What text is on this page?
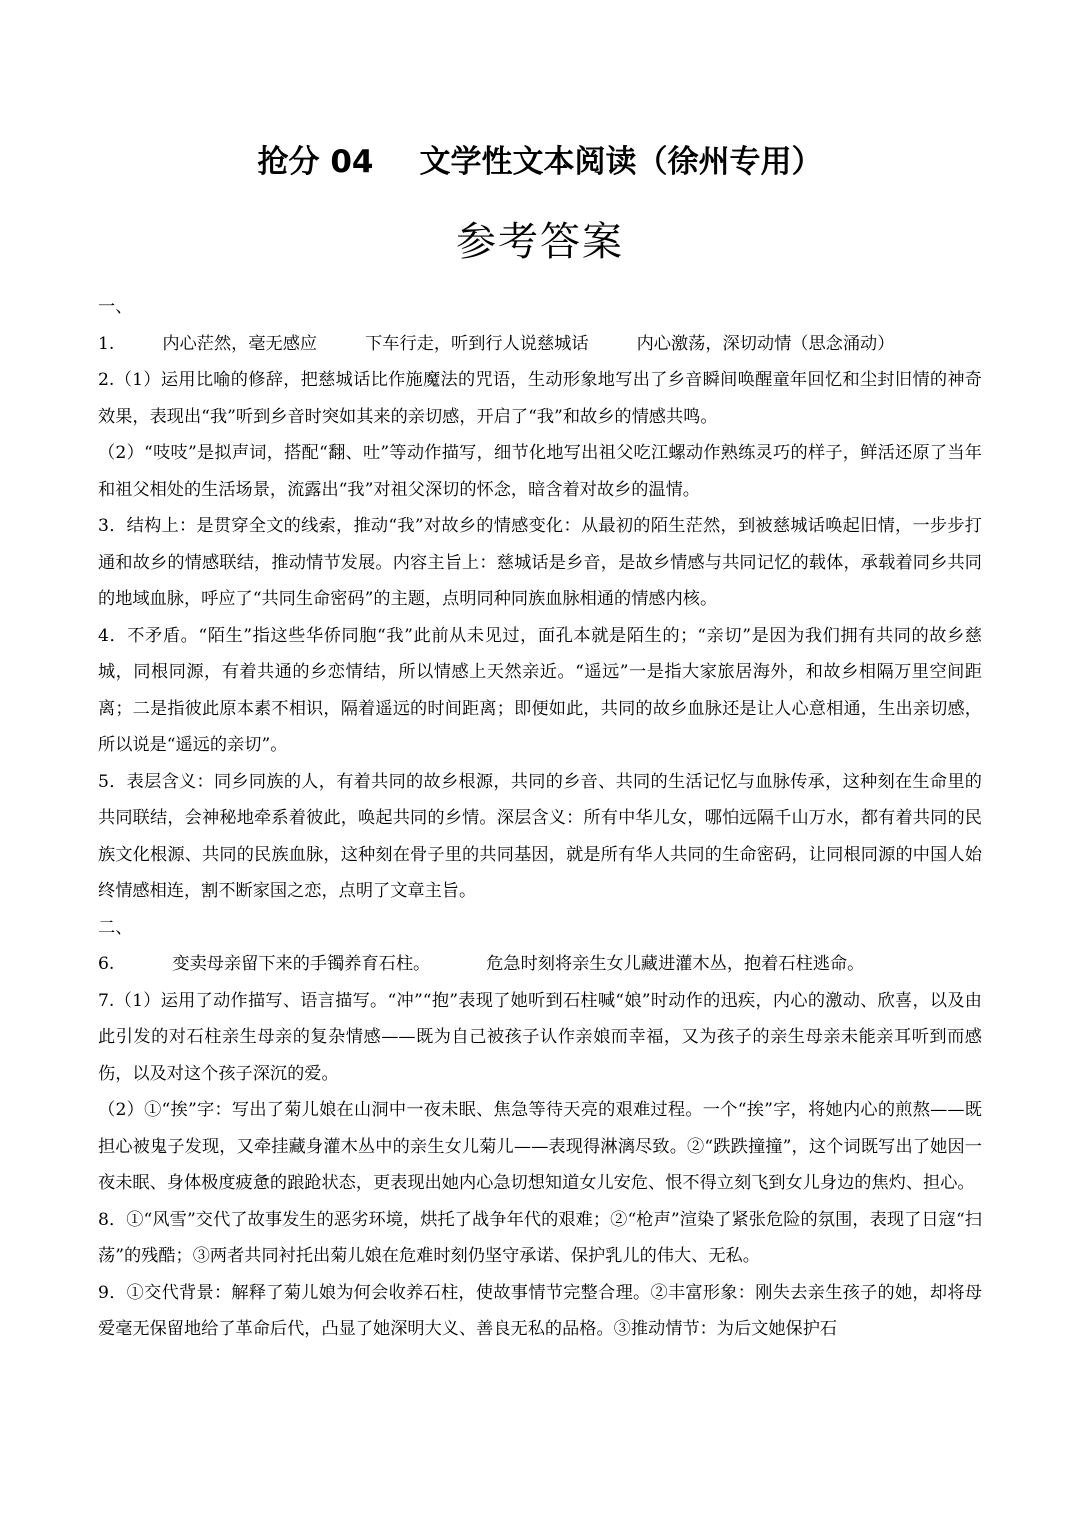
抢分 04 文学性文本阅读（徐州专用）
参考答案

一、

1.	内心茫然，毫无感应	下车行走，听到行人说慈城话	内心激荡，深切动情（思念涌动）

2.（1）运用比喻的修辞，把慈城话比作施魔法的咒语，生动形象地写出了乡音瞬间唤醒童年回忆和尘封旧情的神奇效果，表现出“我”听到乡音时突如其来的亲切感，开启了“我”和故乡的情感共鸣。

（2）“吱吱”是拟声词，搭配“翻、吐”等动作描写，细节化地写出祖父吃江螺动作熟练灵巧的样子，鲜活还原了当年和祖父相处的生活场景，流露出“我”对祖父深切的怀念，暗含着对故乡的温情。

3．结构上：是贯穿全文的线索，推动“我”对故乡的情感变化：从最初的陌生茫然，到被慈城话唤起旧情，一步步打通和故乡的情感联结，推动情节发展。内容主旨上：慈城话是乡音，是故乡情感与共同记忆的载体，承载着同乡共同的地域血脉，呼应了“共同生命密码”的主题，点明同种同族血脉相通的情感内核。

4．不矛盾。“陌生”指这些华侨同胞“我”此前从未见过，面孔本就是陌生的；“亲切”是因为我们拥有共同的故乡慈城，同根同源，有着共通的乡恋情结，所以情感上天然亲近。“遥远”一是指大家旅居海外，和故乡相隔万里空间距离；二是指彼此原本素不相识，隔着遥远的时间距离；即便如此，共同的故乡血脉还是让人心意相通，生出亲切感，所以说是“遥远的亲切”。

5．表层含义：同乡同族的人，有着共同的故乡根源，共同的乡音、共同的生活记忆与血脉传承，这种刻在生命里的共同联结，会神秘地牵系着彼此，唤起共同的乡情。深层含义：所有中华儿女，哪怕远隔千山万水，都有着共同的民族文化根源、共同的民族血脉，这种刻在骨子里的共同基因，就是所有华人共同的生命密码，让同根同源的中国人始终情感相连，割不断家国之恋，点明了文章主旨。

二、

6.	变卖母亲留下来的手镯养育石柱。	危急时刻将亲生女儿藏进灌木丛，抱着石柱逃命。

7.（1）运用了动作描写、语言描写。“冲”“抱”表现了她听到石柱喊“娘”时动作的迅疾，内心的激动、欣喜，以及由此引发的对石柱亲生母亲的复杂情感——既为自己被孩子认作亲娘而幸福，又为孩子的亲生母亲未能亲耳听到而感伤，以及对这个孩子深沉的爱。

（2）①“挨”字：写出了菊儿娘在山洞中一夜未眠、焦急等待天亮的艰难过程。一个“挨”字，将她内心的煎熬——既担心被鬼子发现，又牵挂藏身灌木丛中的亲生女儿菊儿——表现得淋漓尽致。②“跌跌撞撞”，这个词既写出了她因一夜未眠、身体极度疲惫的踉跄状态，更表现出她内心急切想知道女儿安危、恨不得立刻飞到女儿身边的焦灼、担心。

8．①“风雪”交代了故事发生的恶劣环境，烘托了战争年代的艰难；②“枪声”渲染了紧张危险的氛围，表现了日寇“扫荡”的残酷；③两者共同衬托出菊儿娘在危难时刻仍坚守承诺、保护乳儿的伟大、无私。

9．①交代背景：解释了菊儿娘为何会收养石柱，使故事情节完整合理。②丰富形象：刚失去亲生孩子的她，却将母爱毫无保留地给了革命后代，凸显了她深明大义、善良无私的品格。③推动情节：为后文她保护石
